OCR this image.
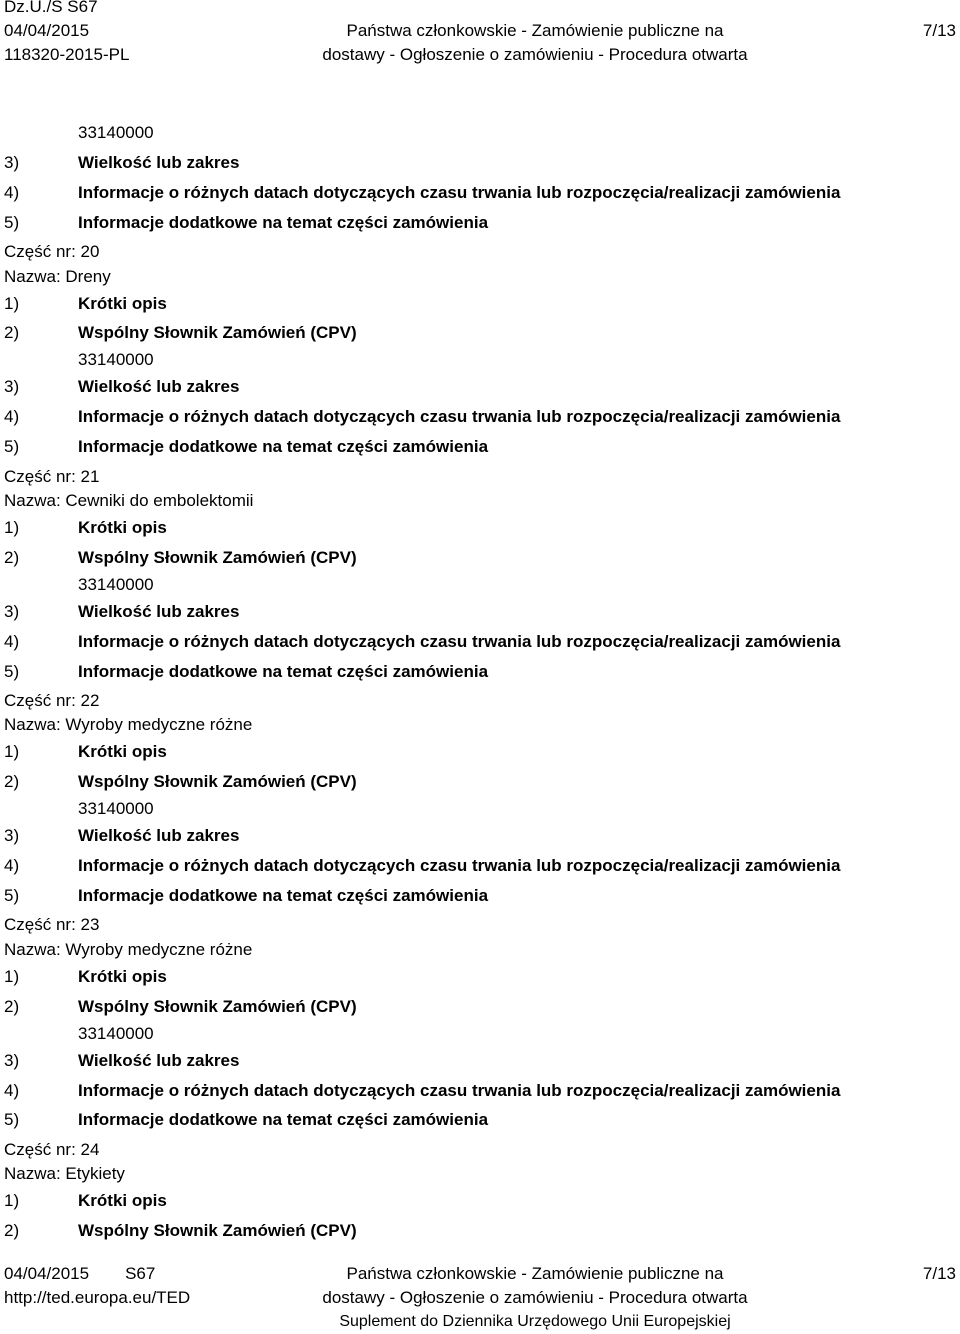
Dz.U./S S67
04/04/2015
118320-2015-PL
Państwa członkowskie - Zamówienie publiczne na
dostawy - Ogłoszenie o zamówieniu - Procedura otwarta
7/13
33140000
3)	Wielkość lub zakres
4)	Informacje o różnych datach dotyczących czasu trwania lub rozpoczęcia/realizacji zamówienia
5)	Informacje dodatkowe na temat części zamówienia
Część nr: 20
Nazwa: Dreny
1)	Krótki opis
2)	Wspólny Słownik Zamówień (CPV)
33140000
3)	Wielkość lub zakres
4)	Informacje o różnych datach dotyczących czasu trwania lub rozpoczęcia/realizacji zamówienia
5)	Informacje dodatkowe na temat części zamówienia
Część nr: 21
Nazwa: Cewniki do embolektomii
1)	Krótki opis
2)	Wspólny Słownik Zamówień (CPV)
33140000
3)	Wielkość lub zakres
4)	Informacje o różnych datach dotyczących czasu trwania lub rozpoczęcia/realizacji zamówienia
5)	Informacje dodatkowe na temat części zamówienia
Część nr: 22
Nazwa: Wyroby medyczne różne
1)	Krótki opis
2)	Wspólny Słownik Zamówień (CPV)
33140000
3)	Wielkość lub zakres
4)	Informacje o różnych datach dotyczących czasu trwania lub rozpoczęcia/realizacji zamówienia
5)	Informacje dodatkowe na temat części zamówienia
Część nr: 23
Nazwa: Wyroby medyczne różne
1)	Krótki opis
2)	Wspólny Słownik Zamówień (CPV)
33140000
3)	Wielkość lub zakres
4)	Informacje o różnych datach dotyczących czasu trwania lub rozpoczęcia/realizacji zamówienia
5)	Informacje dodatkowe na temat części zamówienia
Część nr: 24
Nazwa: Etykiety
1)	Krótki opis
2)	Wspólny Słownik Zamówień (CPV)
04/04/2015 S67
http://ted.europa.eu/TED
Państwa członkowskie - Zamówienie publiczne na
dostawy - Ogłoszenie o zamówieniu - Procedura otwarta
Suplement do Dziennika Urzędowego Unii Europejskiej
7/13
